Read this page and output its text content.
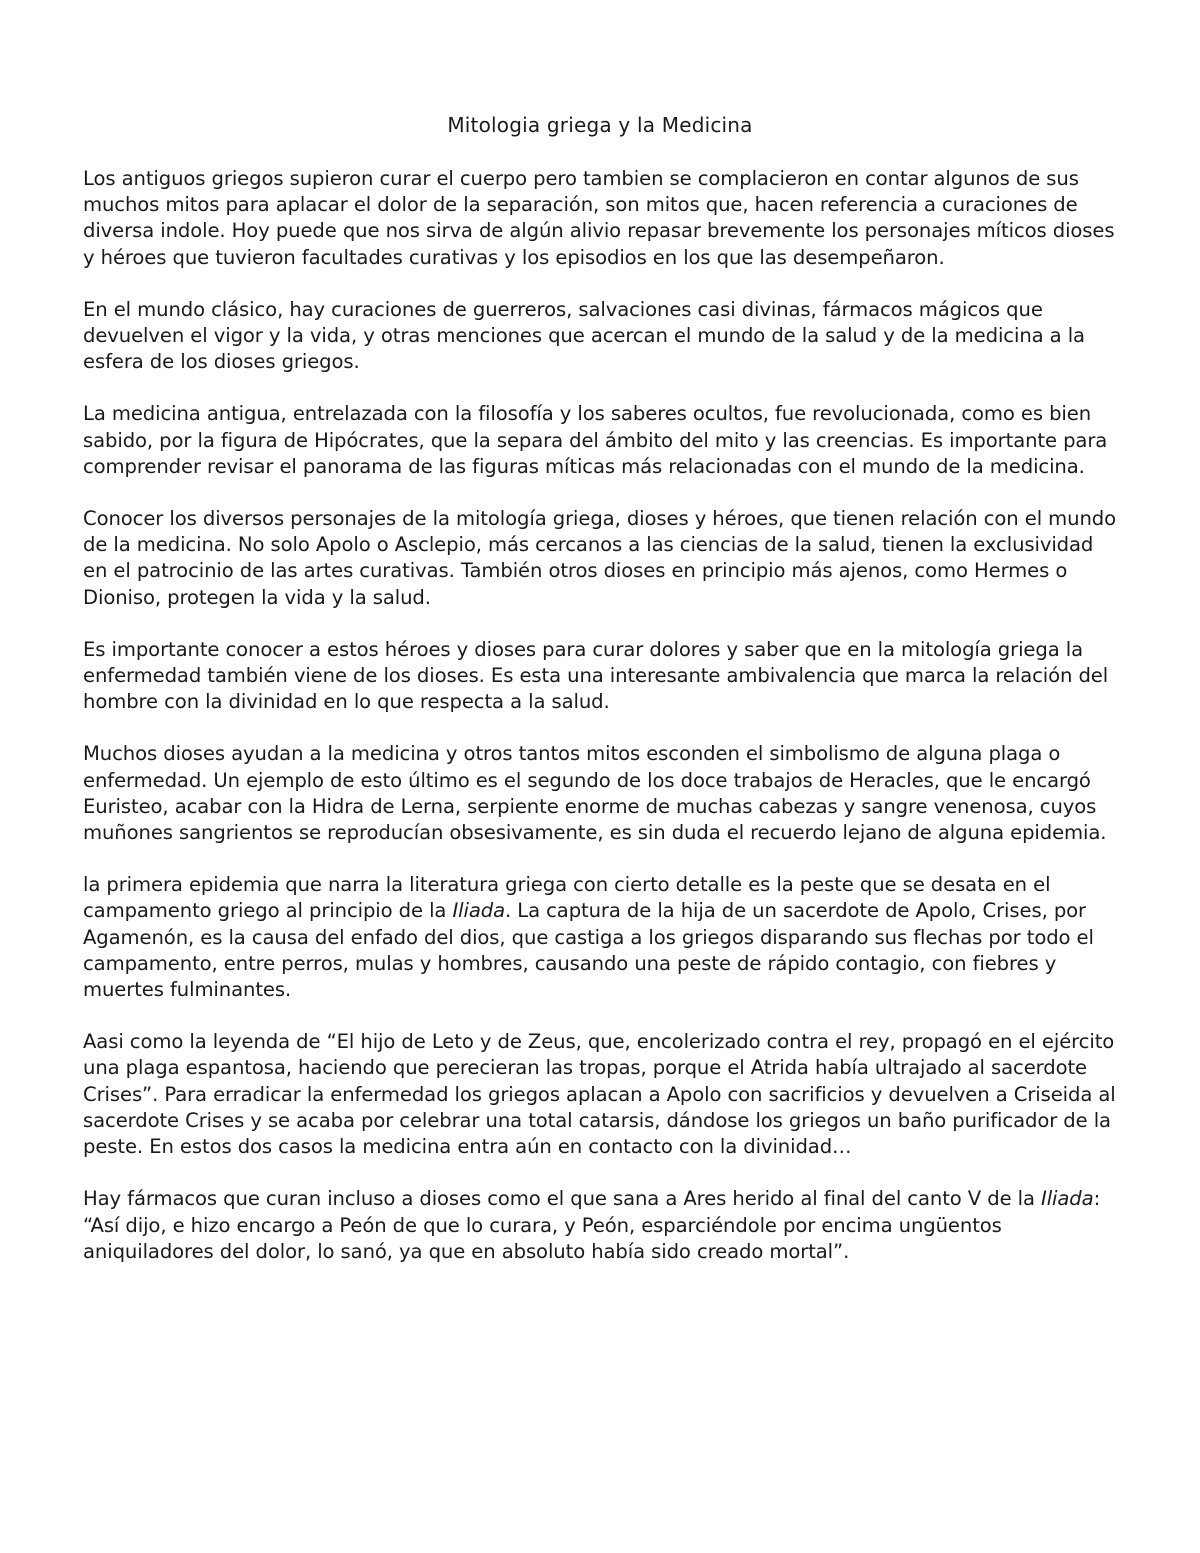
Mitologia griega y la Medicina

Los antiguos griegos supieron curar el cuerpo pero tambien se complacieron en contar algunos de sus muchos mitos para aplacar el dolor de la separación, son mitos que, hacen referencia a curaciones de diversa indole. Hoy puede que nos sirva de algún alivio repasar brevemente los personajes míticos dioses y héroes que tuvieron facultades curativas y los episodios en los que las desempeñaron.

En el mundo clásico, hay curaciones de guerreros, salvaciones casi divinas, fármacos mágicos que devuelven el vigor y la vida, y otras menciones que acercan el mundo de la salud y de la medicina a la esfera de los dioses griegos.

La medicina antigua, entrelazada con la filosofía y los saberes ocultos, fue revolucionada, como es bien sabido, por la figura de Hipócrates, que la separa del ámbito del mito y las creencias. Es importante para comprender revisar el panorama de las figuras míticas más relacionadas con el mundo de la medicina.

Conocer los diversos personajes de la mitología griega, dioses y héroes, que tienen relación con el mundo de la medicina. No solo Apolo o Asclepio, más cercanos a las ciencias de la salud, tienen la exclusividad en el patrocinio de las artes curativas. También otros dioses en principio más ajenos, como Hermes o Dioniso, protegen la vida y la salud.

Es importante conocer a estos héroes y dioses para curar dolores y saber que en la mitología griega la enfermedad también viene de los dioses. Es esta una interesante ambivalencia que marca la relación del hombre con la divinidad en lo que respecta a la salud.

Muchos dioses ayudan a la medicina y otros tantos mitos esconden el simbolismo de alguna plaga o enfermedad. Un ejemplo de esto último es el segundo de los doce trabajos de Heracles, que le encargó Euristeo, acabar con la Hidra de Lerna, serpiente enorme de muchas cabezas y sangre venenosa, cuyos muñones sangrientos se reproducían obsesivamente, es sin duda el recuerdo lejano de alguna epidemia.

la primera epidemia que narra la literatura griega con cierto detalle es la peste que se desata en el campamento griego al principio de la Iliada. La captura de la hija de un sacerdote de Apolo, Crises, por Agamenón, es la causa del enfado del dios, que castiga a los griegos disparando sus flechas por todo el campamento, entre perros, mulas y hombres, causando una peste de rápido contagio, con fiebres y muertes fulminantes.

Aasi como la leyenda de “El hijo de Leto y de Zeus, que, encolerizado contra el rey, propagó en el ejército una plaga espantosa, haciendo que perecieran las tropas, porque el Atrida había ultrajado al sacerdote Crises”. Para erradicar la enfermedad los griegos aplacan a Apolo con sacrificios y devuelven a Criseida al sacerdote Crises y se acaba por celebrar una total catarsis, dándose los griegos un baño purificador de la peste. En estos dos casos la medicina entra aún en contacto con la divinidad…

Hay fármacos que curan incluso a dioses como el que sana a Ares herido al final del canto V de la Iliada: “Así dijo, e hizo encargo a Peón de que lo curara, y Peón, esparciéndole por encima ungüentos aniquiladores del dolor, lo sanó, ya que en absoluto había sido creado mortal”.
